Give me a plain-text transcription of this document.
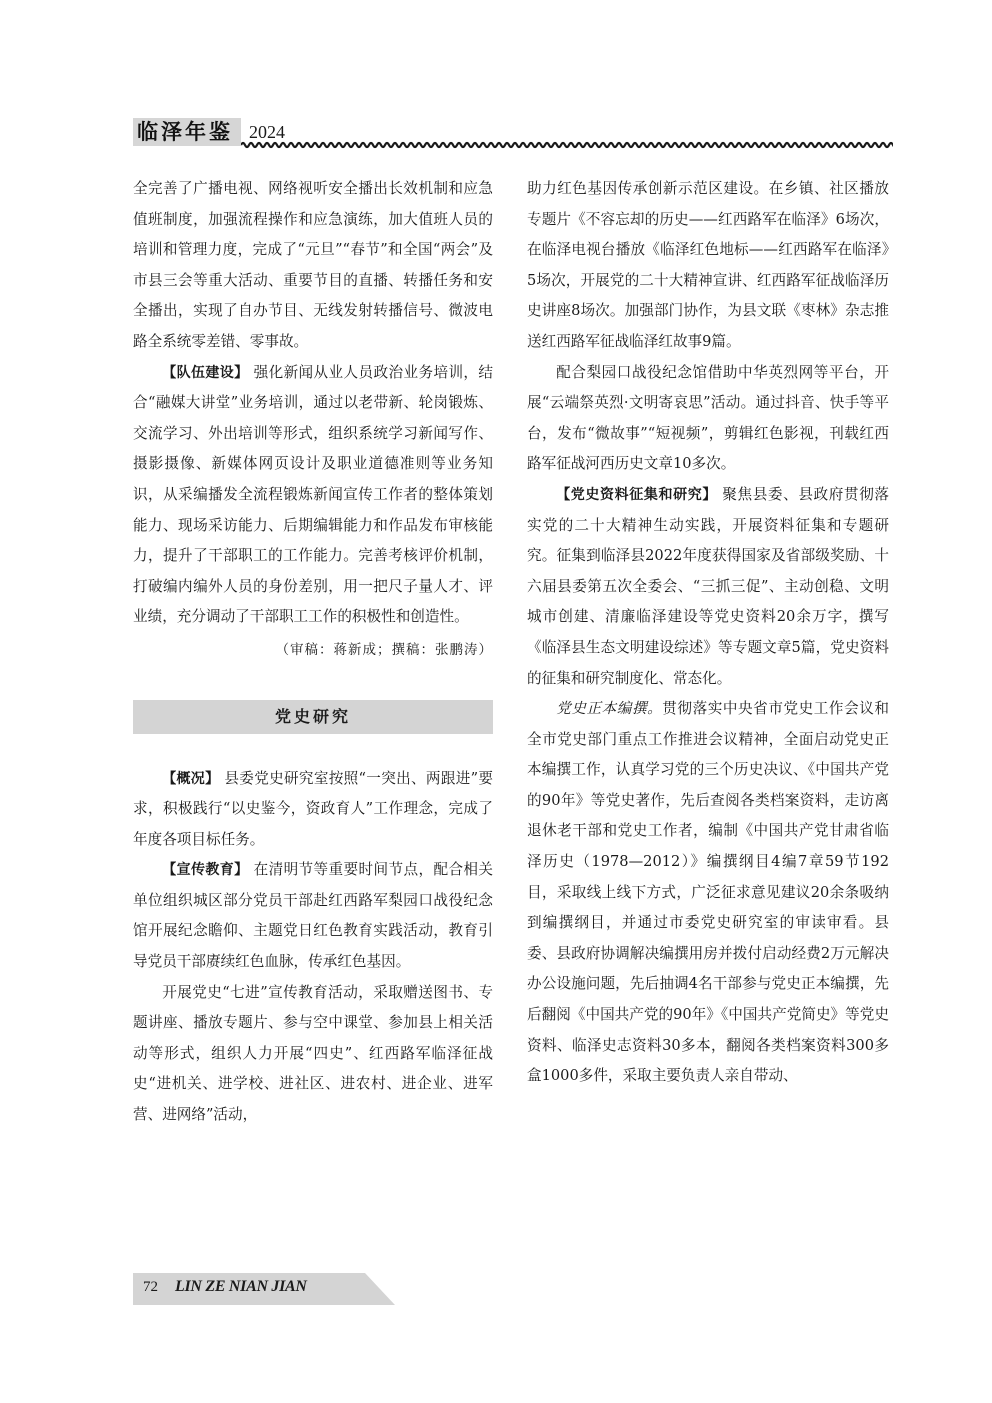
临泽年鉴 2024

全完善了广播电视、网络视听安全播出长效机制和应急值班制度，加强流程操作和应急演练，加大值班人员的培训和管理力度，完成了“元旦”“春节”和全国“两会”及市县三会等重大活动、重要节目的直播、转播任务和安全播出，实现了自办节目、无线发射转播信号、微波电路全系统零差错、零事故。

【队伍建设】 强化新闻从业人员政治业务培训，结合“融媒大讲堂”业务培训，通过以老带新、轮岗锻炼、交流学习、外出培训等形式，组织系统学习新闻写作、摄影摄像、新媒体网页设计及职业道德准则等业务知识，从采编播发全流程锻炼新闻宣传工作者的整体策划能力、现场采访能力、后期编辑能力和作品发布审核能力，提升了干部职工的工作能力。完善考核评价机制，打破编内编外人员的身份差别，用一把尺子量人才、评业绩，充分调动了干部职工工作的积极性和创造性。

（审稿：蒋新成；撰稿：张鹏涛）

党史研究

【概况】 县委党史研究室按照“一突出、两跟进”要求，积极践行“以史鉴今，资政育人”工作理念，完成了年度各项目标任务。

【宣传教育】 在清明节等重要时间节点，配合相关单位组织城区部分党员干部赴红西路军梨园口战役纪念馆开展纪念瞻仰、主题党日红色教育实践活动，教育引导党员干部赓续红色血脉，传承红色基因。

开展党史“七进”宣传教育活动，采取赠送图书、专题讲座、播放专题片、参与空中课堂、参加县上相关活动等形式，组织人力开展“四史”、红西路军临泽征战史“进机关、进学校、进社区、进农村、进企业、进军营、进网络”活动，

助力红色基因传承创新示范区建设。在乡镇、社区播放专题片《不容忘却的历史——红西路军在临泽》6场次，在临泽电视台播放《临泽红色地标——红西路军在临泽》5场次，开展党的二十大精神宣讲、红西路军征战临泽历史讲座8场次。加强部门协作，为县文联《枣林》杂志推送红西路军征战临泽红故事9篇。

配合梨园口战役纪念馆借助中华英烈网等平台，开展“云端祭英烈·文明寄哀思”活动。通过抖音、快手等平台，发布“微故事”“短视频”，剪辑红色影视，刊载红西路军征战河西历史文章10多次。

【党史资料征集和研究】 聚焦县委、县政府贯彻落实党的二十大精神生动实践，开展资料征集和专题研究。征集到临泽县2022年度获得国家及省部级奖励、十六届县委第五次全委会、“三抓三促”、主动创稳、文明城市创建、清廉临泽建设等党史资料20余万字，撰写《临泽县生态文明建设综述》等专题文章5篇，党史资料的征集和研究制度化、常态化。

党史正本编撰。贯彻落实中央省市党史工作会议和全市党史部门重点工作推进会议精神，全面启动党史正本编撰工作，认真学习党的三个历史决议、《中国共产党的90年》等党史著作，先后查阅各类档案资料，走访离退休老干部和党史工作者，编制《中国共产党甘肃省临泽历史（1978—2012）》编撰纲目4编7章59节192目，采取线上线下方式，广泛征求意见建议20余条吸纳到编撰纲目，并通过市委党史研究室的审读审看。县委、县政府协调解决编撰用房并拨付启动经费2万元解决办公设施问题，先后抽调4名干部参与党史正本编撰，先后翻阅《中国共产党的90年》《中国共产党简史》等党史资料、临泽史志资料30多本，翻阅各类档案资料300多盒1000多件，采取主要负责人亲自带动、

72 LIN ZE NIAN JIAN
